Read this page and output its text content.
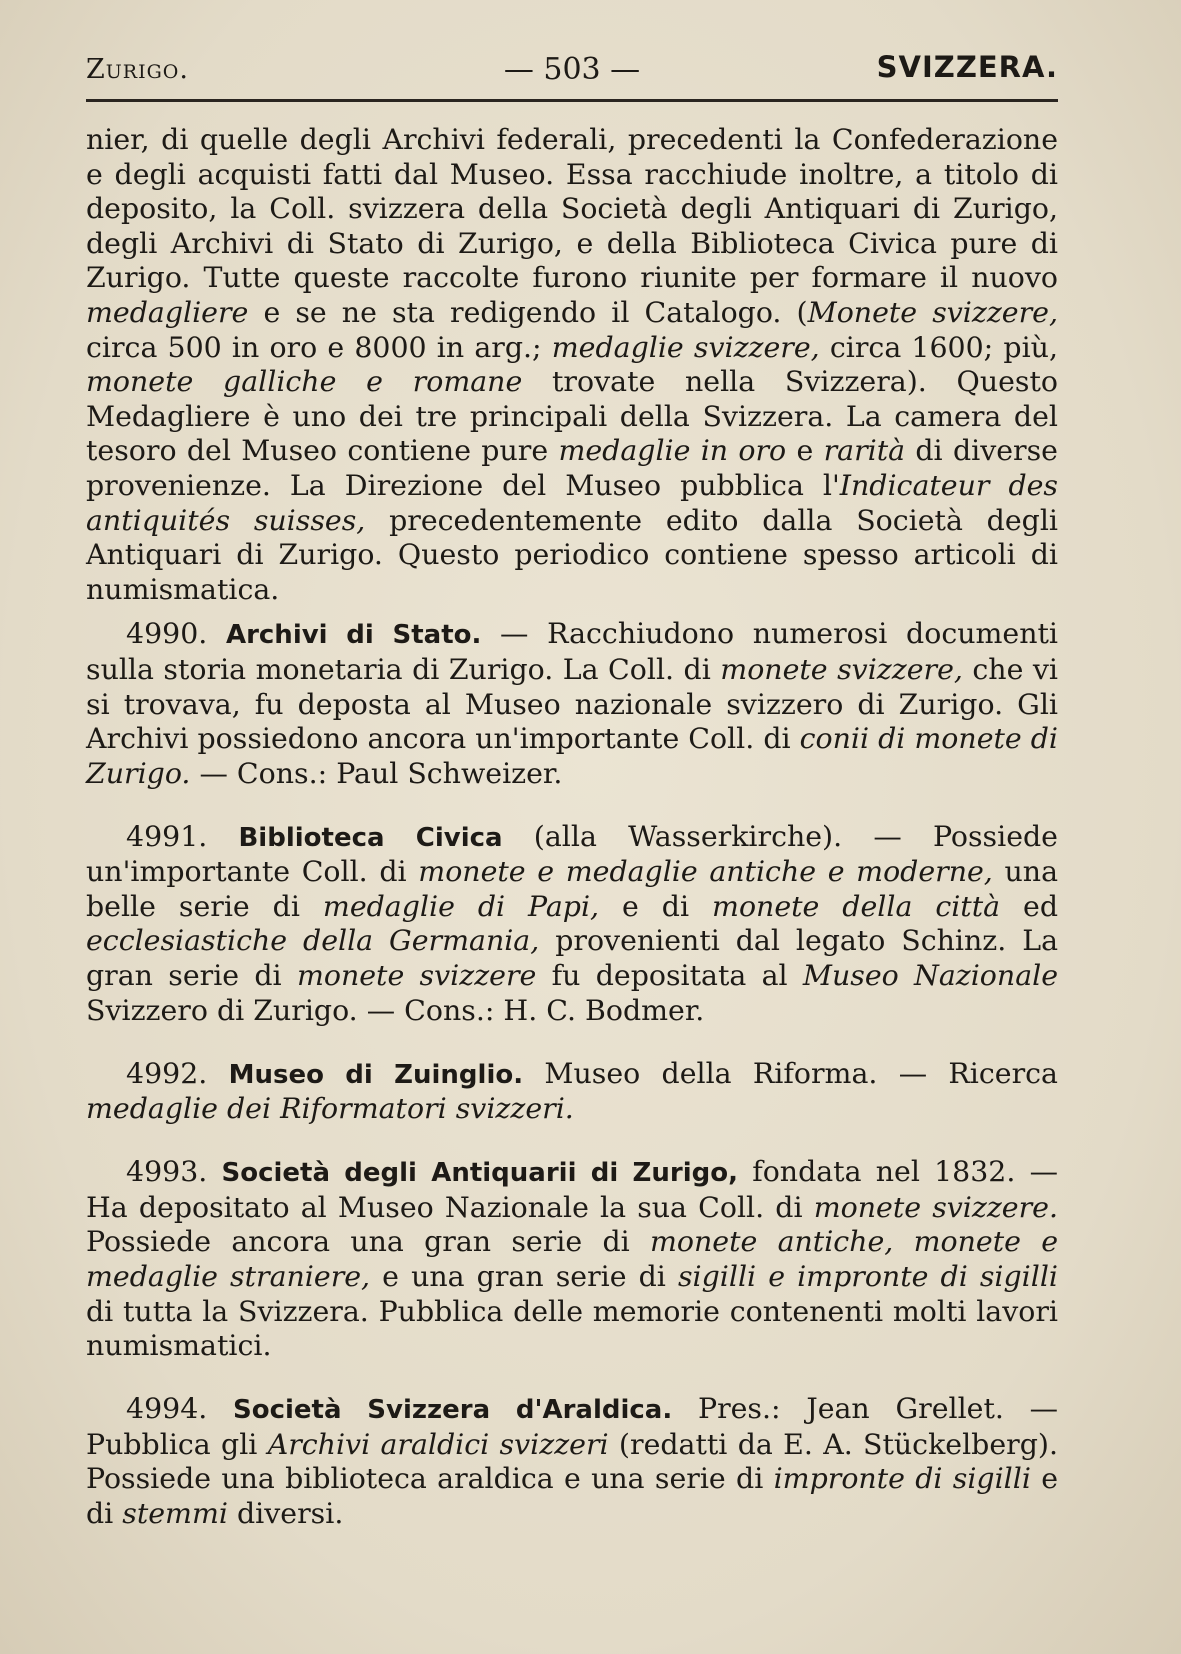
Zurigo.	— 503 —	SVIZZERA.

nier, di quelle degli Archivi federali, precedenti la Confederazione e degli acquisti fatti dal Museo. Essa racchiude inoltre, a titolo di deposito, la Coll. svizzera della Società degli Antiquari di Zurigo, degli Archivi di Stato di Zurigo, e della Biblioteca Civica pure di Zurigo. Tutte queste raccolte furono riunite per formare il nuovo medagliere e se ne sta redigendo il Catalogo. (Monete svizzere, circa 500 in oro e 8000 in arg.; medaglie svizzere, circa 1600; più, monete galliche e romane trovate nella Svizzera). Questo Medagliere è uno dei tre principali della Svizzera. La camera del tesoro del Museo contiene pure medaglie in oro e rarità di diverse provenienze. La Direzione del Museo pubblica l'Indicateur des antiquités suisses, precedentemente edito dalla Società degli Antiquari di Zurigo. Questo periodico contiene spesso articoli di numismatica.

4990. Archivi di Stato. — Racchiudono numerosi documenti sulla storia monetaria di Zurigo. La Coll. di monete svizzere, che vi si trovava, fu deposta al Museo nazionale svizzero di Zurigo. Gli Archivi possiedono ancora un'importante Coll. di conii di monete di Zurigo. — Cons.: Paul Schweizer.

4991. Biblioteca Civica (alla Wasserkirche). — Possiede un'importante Coll. di monete e medaglie antiche e moderne, una belle serie di medaglie di Papi, e di monete della città ed ecclesiastiche della Germania, provenienti dal legato Schinz. La gran serie di monete svizzere fu depositata al Museo Nazionale Svizzero di Zurigo. — Cons.: H. C. Bodmer.

4992. Museo di Zuinglio. Museo della Riforma. — Ricerca medaglie dei Riformatori svizzeri.

4993. Società degli Antiquarii di Zurigo, fondata nel 1832. — Ha depositato al Museo Nazionale la sua Coll. di monete svizzere. Possiede ancora una gran serie di monete antiche, monete e medaglie straniere, e una gran serie di sigilli e impronte di sigilli di tutta la Svizzera. Pubblica delle memorie contenenti molti lavori numismatici.

4994. Società Svizzera d'Araldica. Pres.: Jean Grellet. — Pubblica gli Archivi araldici svizzeri (redatti da E. A. Stückelberg). Possiede una biblioteca araldica e una serie di impronte di sigilli e di stemmi diversi.
